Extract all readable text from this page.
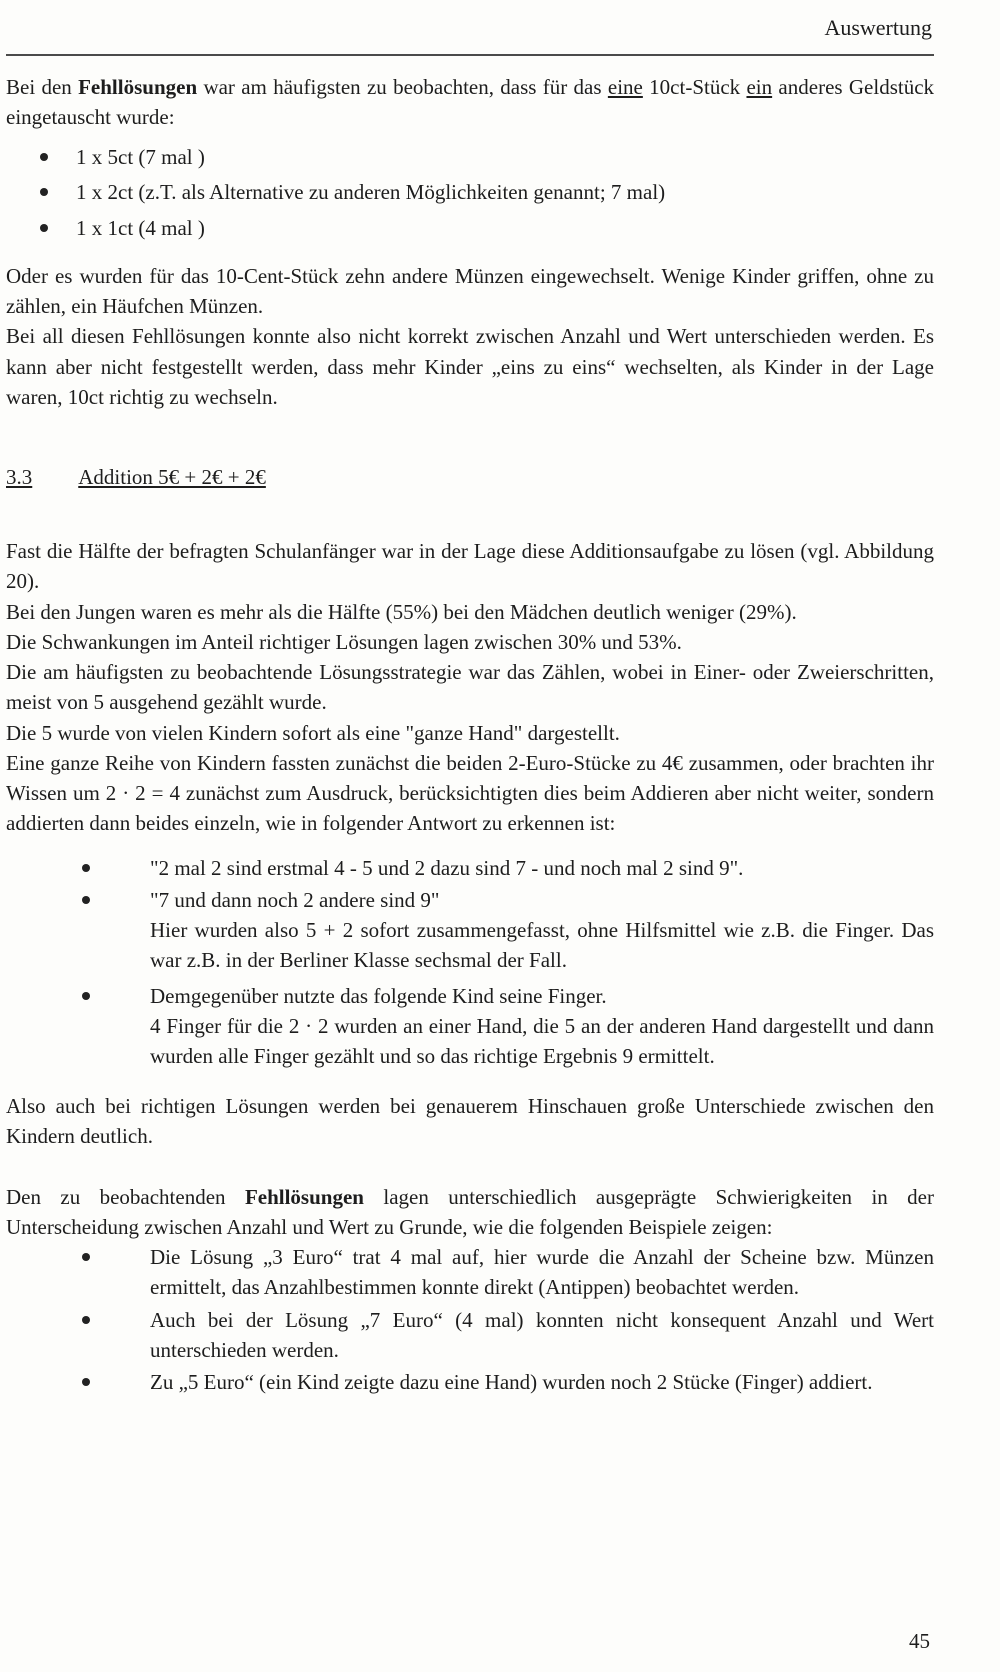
Auswertung

Bei den Fehllösungen war am häufigsten zu beobachten, dass für das eine 10ct-Stück ein anderes Geldstück eingetauscht wurde:

1 x 5ct (7 mal )
1 x 2ct (z.T. als Alternative zu anderen Möglichkeiten genannt; 7 mal)
1 x 1ct (4 mal )

Oder es wurden für das 10-Cent-Stück zehn andere Münzen eingewechselt. Wenige Kinder griffen, ohne zu zählen, ein Häufchen Münzen.

Bei all diesen Fehllösungen konnte also nicht korrekt zwischen Anzahl und Wert unterschieden werden. Es kann aber nicht festgestellt werden, dass mehr Kinder „eins zu eins“ wechselten, als Kinder in der Lage waren, 10ct richtig zu wechseln.

3.3 Addition 5€ + 2€ + 2€

Fast die Hälfte der befragten Schulanfänger war in der Lage diese Additionsaufgabe zu lösen (vgl. Abbildung 20).

Bei den Jungen waren es mehr als die Hälfte (55%) bei den Mädchen deutlich weniger (29%).

Die Schwankungen im Anteil richtiger Lösungen lagen zwischen 30% und 53%.

Die am häufigsten zu beobachtende Lösungsstrategie war das Zählen, wobei in Einer- oder Zweierschritten, meist von 5 ausgehend gezählt wurde.

Die 5 wurde von vielen Kindern sofort als eine "ganze Hand" dargestellt.

Eine ganze Reihe von Kindern fassten zunächst die beiden 2-Euro-Stücke zu 4€ zusammen, oder brachten ihr Wissen um 2 · 2 = 4 zunächst zum Ausdruck, berücksichtigten dies beim Addieren aber nicht weiter, sondern addierten dann beides einzeln, wie in folgender Antwort zu erkennen ist:

"2 mal 2 sind erstmal 4 - 5 und 2 dazu sind 7 - und noch mal 2 sind 9".

"7 und dann noch 2 andere sind 9"

Hier wurden also 5 + 2 sofort zusammengefasst, ohne Hilfsmittel wie z.B. die Finger. Das war z.B. in der Berliner Klasse sechsmal der Fall.

Demgegenüber nutzte das folgende Kind seine Finger.

4 Finger für die 2 · 2 wurden an einer Hand, die 5 an der anderen Hand dargestellt und dann wurden alle Finger gezählt und so das richtige Ergebnis 9 ermittelt.

Also auch bei richtigen Lösungen werden bei genauerem Hinschauen große Unterschiede zwischen den Kindern deutlich.

Den zu beobachtenden Fehllösungen lagen unterschiedlich ausgeprägte Schwierigkeiten in der Unterscheidung zwischen Anzahl und Wert zu Grunde, wie die folgenden Beispiele zeigen:

Die Lösung „3 Euro“ trat 4 mal auf, hier wurde die Anzahl der Scheine bzw. Münzen ermittelt, das Anzahlbestimmen konnte direkt (Antippen) beobachtet werden.

Auch bei der Lösung „7 Euro“ (4 mal) konnten nicht konsequent Anzahl und Wert unterschieden werden.

Zu „5 Euro“ (ein Kind zeigte dazu eine Hand) wurden noch 2 Stücke (Finger) addiert.

45
